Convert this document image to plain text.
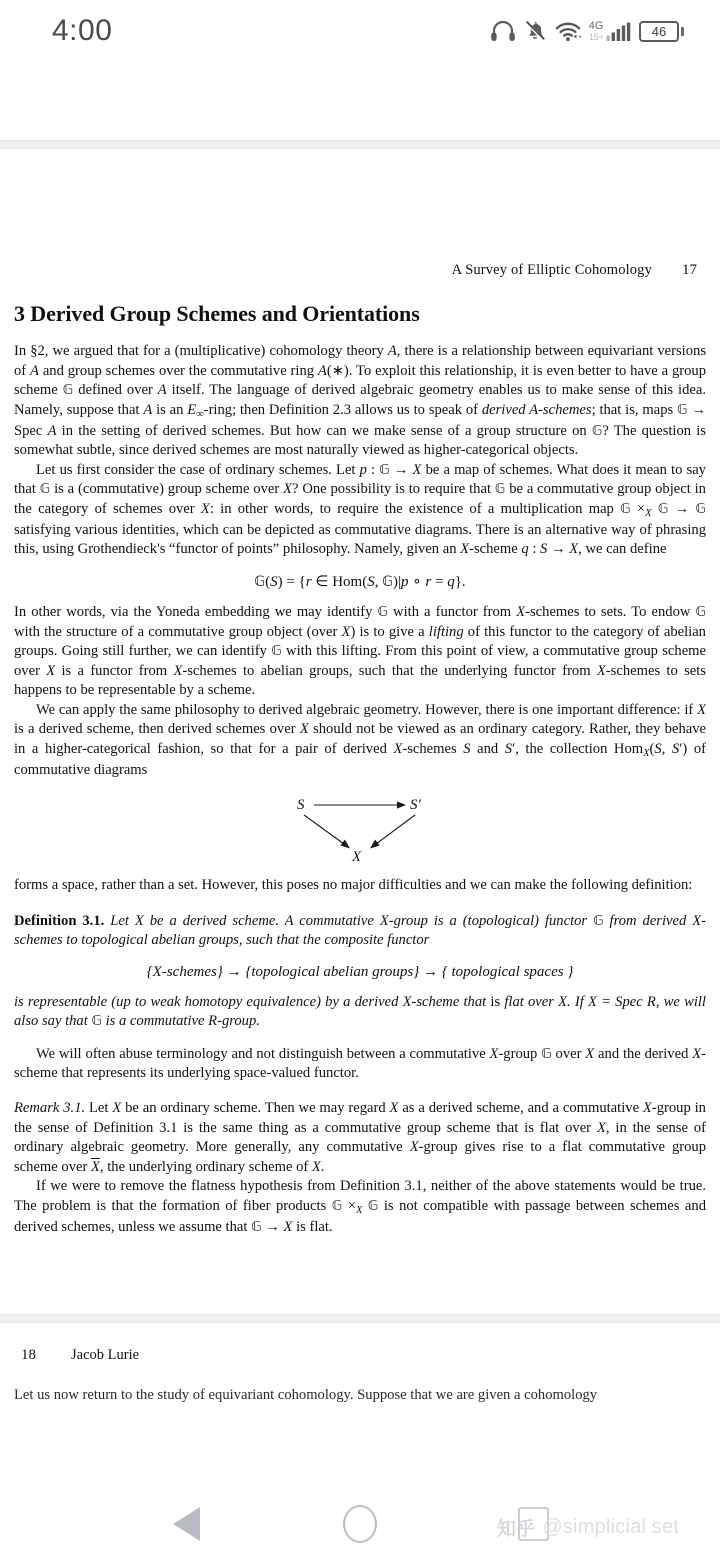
4:00	4G
15+	46
A Survey of Elliptic Cohomology 17
3 Derived Group Schemes and Orientations

In §2, we argued that for a (multiplicative) cohomology theory A, there is a relationship between equivariant versions of A and group schemes over the commutative ring A(∗). To exploit this relationship, it is even better to have a group scheme 𝔾 defined over A itself. The language of derived algebraic geometry enables us to make sense of this idea. Namely, suppose that A is an $E_\infty$-ring; then Definition 2.3 allows us to speak of derived A-schemes; that is, maps 𝔾 → Spec A in the setting of derived schemes. But how can we make sense of a group structure on 𝔾? The question is somewhat subtle, since derived schemes are most naturally viewed as higher-categorical objects.

Let us first consider the case of ordinary schemes. Let p : 𝔾 → X be a map of schemes. What does it mean to say that 𝔾 is a (commutative) group scheme over X? One possibility is to require that 𝔾 be a commutative group object in the category of schemes over X: in other words, to require the existence of a multiplication map 𝔾 $\times_X$ 𝔾 → 𝔾 satisfying various identities, which can be depicted as commutative diagrams. There is an alternative way of phrasing this, using Grothendieck's “functor of points” philosophy. Namely, given an X-scheme q : S → X, we can define

𝔾(S) = {r ∈ Hom(S, 𝔾)|p ∘ r = q}.

In other words, via the Yoneda embedding we may identify 𝔾 with a functor from X-schemes to sets. To endow 𝔾 with the structure of a commutative group object (over X) is to give a lifting of this functor to the category of abelian groups. Going still further, we can identify 𝔾 with this lifting. From this point of view, a commutative group scheme over X is a functor from X-schemes to abelian groups, such that the underlying functor from X-schemes to sets happens to be representable by a scheme.

We can apply the same philosophy to derived algebraic geometry. However, there is one important difference: if X is a derived scheme, then derived schemes over X should not be viewed as an ordinary category. Rather, they behave in a higher-categorical fashion, so that for a pair of derived X-schemes S and S′, the collection Hom$_X$(S, S′) of commutative diagrams

S	S′
X

forms a space, rather than a set. However, this poses no major difficulties and we can make the following definition:

Definition 3.1. Let X be a derived scheme. A commutative X-group is a (topological) functor 𝔾 from derived X-schemes to topological abelian groups, such that the composite functor
{X-schemes} → {topological abelian groups} → { topological spaces }

is representable (up to weak homotopy equivalence) by a derived X-scheme that is flat over X. If X = Spec R, we will also say that 𝔾 is a commutative R-group.

We will often abuse terminology and not distinguish between a commutative X-group 𝔾 over X and the derived X-scheme that represents its underlying space-valued functor.

Remark 3.1. Let X be an ordinary scheme. Then we may regard X as a derived scheme, and a commutative X-group in the sense of Definition 3.1 is the same thing as a commutative group scheme that is flat over X, in the sense of ordinary algebraic geometry. More generally, any commutative X-group gives rise to a flat commutative group scheme over $\overline{X}$, the underlying ordinary scheme of X.

If we were to remove the flatness hypothesis from Definition 3.1, neither of the above statements would be true. The problem is that the formation of fiber products 𝔾 $\times_X$ 𝔾 is not compatible with passage between schemes and derived schemes, unless we assume that 𝔾 → X is flat.

18 Jacob Lurie

Let us now return to the study of equivariant cohomology. Suppose that we are given a cohomology

知乎 @simplicial set
